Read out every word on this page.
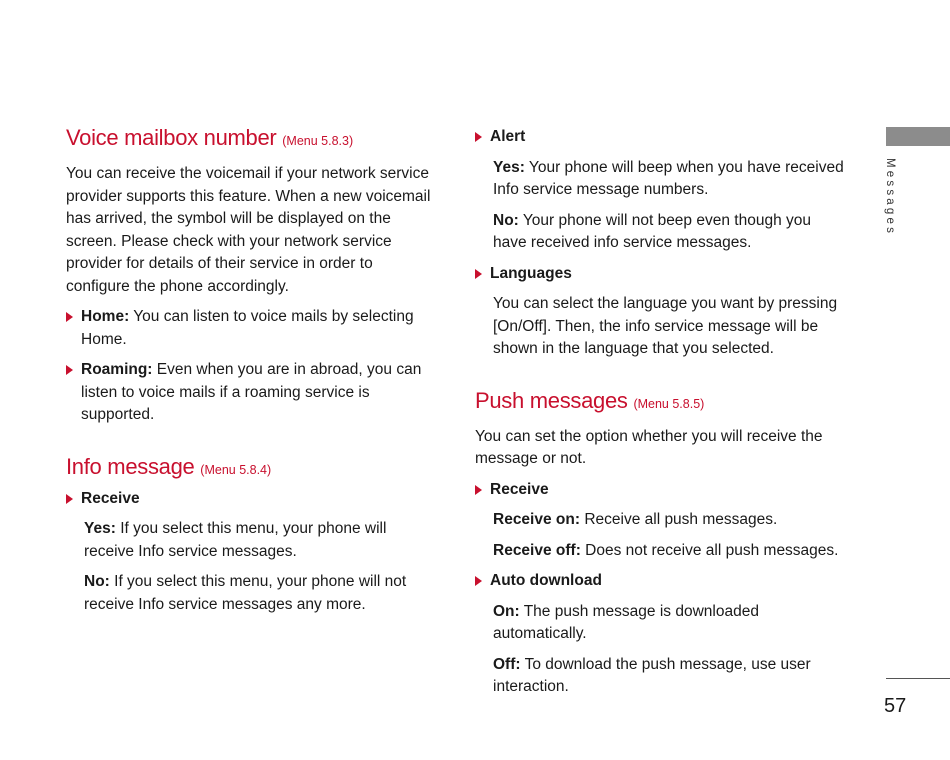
Messages
57
Voice mailbox number (Menu 5.8.3)

You can receive the voicemail if your network service provider supports this feature. When a new voicemail has arrived, the symbol will be displayed on the screen. Please check with your network service provider for details of their service in order to configure the phone accordingly.

Home: You can listen to voice mails by selecting Home.
Roaming: Even when you are in abroad, you can listen to voice mails if a roaming service is supported.
Info message (Menu 5.8.4)
Receive

Yes: If you select this menu, your phone will receive Info service messages.

No: If you select this menu, your phone will not receive Info service messages any more.

Alert

Yes: Your phone will beep when you have received Info service message numbers.

No: Your phone will not beep even though you have received info service messages.

Languages

You can select the language you want by pressing [On/Off]. Then, the info service message will be shown in the language that you selected.

Push messages (Menu 5.8.5)

You can set the option whether you will receive the message or not.

Receive

Receive on: Receive all push messages.

Receive off: Does not receive all push messages.

Auto download

On: The push message is downloaded automatically.

Off: To download the push message, use user interaction.
